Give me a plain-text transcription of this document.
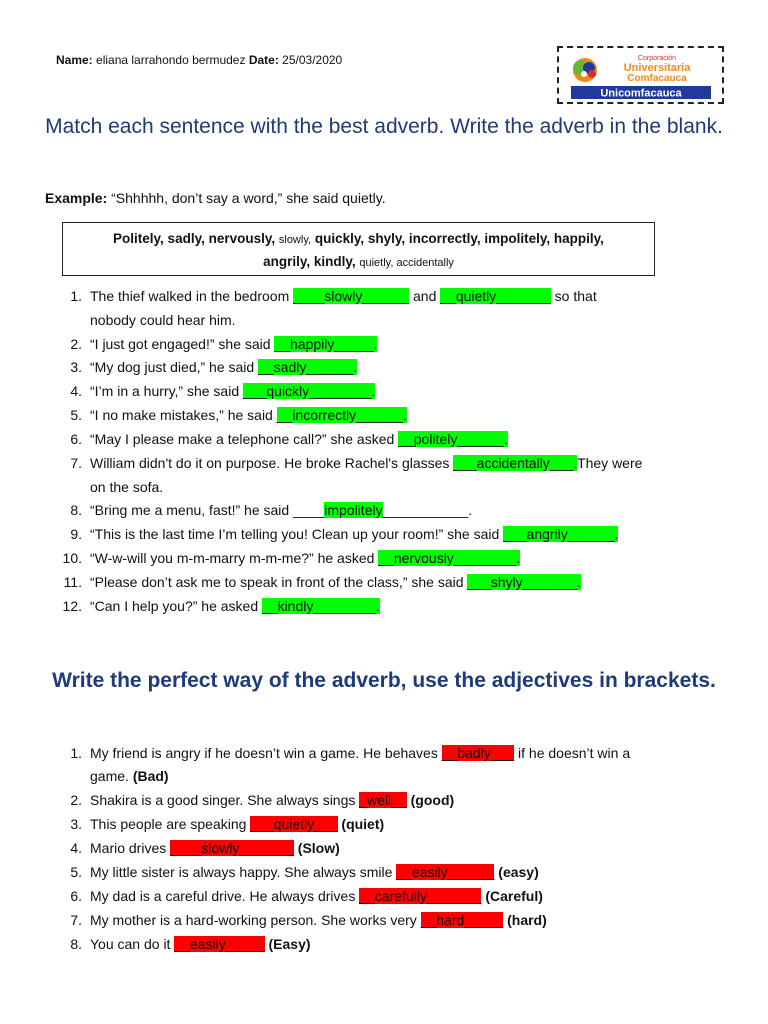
Name: eliana larrahondo bermudez Date: 25/03/2020	Corporación
Universitaria
Comfacauca
Unicomfacauca
Match each sentence with the best adverb. Write the adverb in the blank.
Example: “Shhhhh, don’t say a word,” she said quietly.
Politely, sadly, nervously, slowly, quickly, shyly, incorrectly, impolitely, happily,
angrily, kindly, quietly, accidentally
1. The thief walked in the bedroom ____slowly______ and __quietly_______ so that
nobody could hear him.
2. “I just got engaged!” she said __happily_____.
3. “My dog just died,” he said __sadly______.
4. “I’m in a hurry,” she said ___quickly________.
5. “I no make mistakes,” he said __incorrectly______.
6. “May I please make a telephone call?” she asked __politely______.
7. William didn't do it on purpose. He broke Rachel's glasses ___accidentally___.They were
on the sofa.
8. “Bring me a menu, fast!” he said ____impolitely___________.
9. “This is the last time I’m telling you! Clean up your room!” she said ___angrily______.
10. “W-w-will you m-m-marry m-m-me?” he asked __nervously________.
11. “Please don’t ask me to speak in front of the class,” she said ___shyly_______.
12. “Can I help you?” he asked __kindly________.
Write the perfect way of the adverb, use the adjectives in brackets.
1. My friend is angry if he doesn’t win a game. He behaves __badly___ if he doesn’t win a
game. (Bad)
2. Shakira is a good singer. She always sings _well__ (good)
3. This people are speaking ___quietly___ (quiet)
4. Mario drives ____slowly_______ (Slow)
5. My little sister is always happy. She always smile __easily______ (easy)
6. My dad is a careful drive. He always drives __carefully_______ (Careful)
7. My mother is a hard-working person. She works very __hard_____ (hard)
8. You can do it __easily_____ (Easy)
